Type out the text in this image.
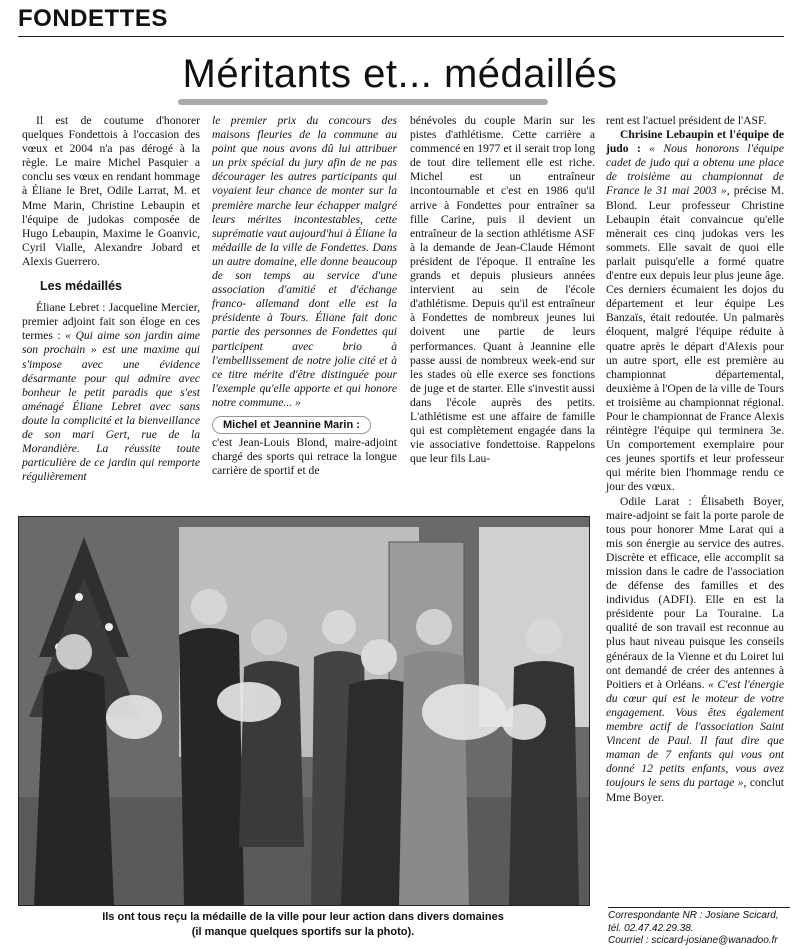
FONDETTES
Méritants et... médaillés

Il est de coutume d'honorer quelques Fondettois à l'occasion des vœux et 2004 n'a pas dérogé à la règle. Le maire Michel Pasquier a conclu ses vœux en rendant hommage à Éliane le Bret, Odile Larrat, M. et Mme Marin, Christine Lebaupin et l'équipe de judokas composée de Hugo Lebaupin, Maxime le Goanvic, Cyril Vialle, Alexandre Jobard et Alexis Guerrero.

Les médaillés

Éliane Lebret : Jacqueline Mercier, premier adjoint fait son éloge en ces termes : « Qui aime son jardin aime son prochain » est une maxime qui s'impose avec une évidence désarmante pour qui admire avec bonheur le petit paradis que s'est aménagé Éliane Lebret avec sans doute la complicité et la bienveillance de son mari Gert, rue de la Morandière. La réussite toute particulière de ce jardin qui remporte régulièrement

le premier prix du concours des maisons fleuries de la commune au point que nous avons dû lui attribuer un prix spécial du jury afin de ne pas décourager les autres participants qui voyaient leur chance de monter sur la première marche leur échapper malgré leurs mérites incontestables, cette suprématie vaut aujourd'hui à Éliane la médaille de la ville de Fondettes. Dans un autre domaine, elle donne beaucoup de son temps au service d'une association d'amitié et d'échange franco- allemand dont elle est la présidente à Tours. Éliane fait donc partie des personnes de Fondettes qui participent avec brio à l'embellissement de notre jolie cité et à ce titre mérite d'être distinguée pour l'exemple qu'elle apporte et qui honore notre commune... »

Michel et Jeannine Marin :

c'est Jean-Louis Blond, maire-adjoint chargé des sports qui retrace la longue carrière de sportif et de

bénévoles du couple Marin sur les pistes d'athlétisme. Cette carrière a commencé en 1977 et il serait trop long de tout dire tellement elle est riche. Michel est un entraîneur incontournable et c'est en 1986 qu'il arrive à Fondettes pour entraîner sa fille Carine, puis il devient un entraîneur de la section athlétisme ASF à la demande de Jean-Claude Hémont président de l'époque. Il entraîne les grands et depuis plusieurs années intervient au sein de l'école d'athlétisme. Depuis qu'il est entraîneur à Fondettes de nombreux jeunes lui doivent une partie de leurs performances. Quant à Jeannine elle passe aussi de nombreux week-end sur les stades où elle exerce ses fonctions de juge et de starter. Elle s'investit aussi dans l'école auprès des petits. L'athlétisme est une affaire de famille qui est complètement engagée dans la vie associative fondettoise. Rappelons que leur fils Lau-

rent est l'actuel président de l'ASF.

Chrisine Lebaupin et l'équipe de judo : « Nous honorons l'équipe cadet de judo qui a obtenu une place de troisième au championnat de France le 31 mai 2003 », précise M. Blond. Leur professeur Christine Lebaupin était convaincue qu'elle mènerait ces cinq judokas vers les sommets. Elle savait de quoi elle parlait puisqu'elle a formé quatre d'entre eux depuis leur plus jeune âge. Ces derniers écumaient les dojos du département et leur équipe Les Banzaïs, était redoutée. Un palmarès éloquent, malgré l'équipe réduite à quatre après le départ d'Alexis pour un autre sport, elle est première au championnat départemental, deuxième à l'Open de la ville de Tours et troisième au championnat régional. Pour le championnat de France Alexis réintègre l'équipe qui terminera 3e. Un comportement exemplaire pour ces jeunes sportifs et leur professeur qui mérite bien l'hommage rendu ce jour des vœux.

Odile Larat : Élisabeth Boyer, maire-adjoint se fait la porte parole de tous pour honorer Mme Larat qui a mis son énergie au service des autres. Discrète et efficace, elle accomplit sa mission dans le cadre de l'association de défense des familles et des individus (ADFI). Elle en est la présidente pour La Touraine. La qualité de son travail est reconnue au plus haut niveau puisque les conseils généraux de la Vienne et du Loiret lui ont demandé de créer des antennes à Poitiers et à Orléans. « C'est l'énergie du cœur qui est le moteur de votre engagement. Vous êtes également membre actif de l'association Saint Vincent de Paul. Il faut dire que maman de 7 enfants qui vous ont donné 12 petits enfants, vous avez toujours le sens du partage », conclut Mme Boyer.

Ils ont tous reçu la médaille de la ville pour leur action dans divers domaines
(il manque quelques sportifs sur la photo).
Correspondante NR : Josiane Scicard,
tél. 02.47.42.29.38.
Courriel : scicard-josiane@wanadoo.fr
